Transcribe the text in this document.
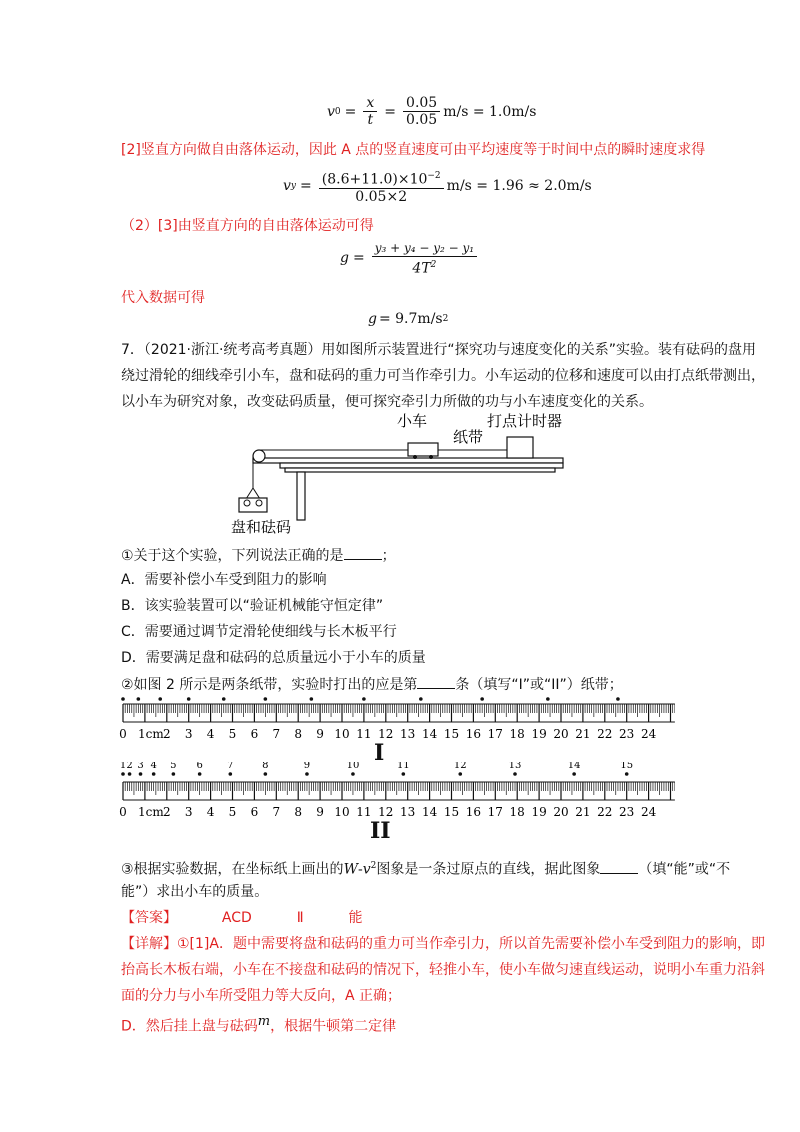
v $0 = \frac{x}{t} = \frac{0.05}{0.05} m/s = 1.0m/s$
[2]竖直方向做自由落体运动，因此 A 点的竖直速度可由平均速度等于时间中点的瞬时速度求得
v $y = \frac{(8.6+11.0)\times 10^{-2}}{0.05\times 2} m/s = 1.96 \approx 2.0m/s$
（2）[3]由竖直方向的自由落体运动可得
$g = \frac{\text{y₃ + y₄ − y₂ − y₁}}{4T^2}$
代入数据可得
g = 9.7m/s 2
7．（2021·浙江·统考高考真题）用如图所示装置进行“探究功与速度变化的关系”实验。装有砝码的盘用
绕过滑轮的细线牵引小车，盘和砝码的重力可当作牵引力。小车运动的位移和速度可以由打点纸带测出，
以小车为研究对象，改变砝码质量，便可探究牵引力所做的功与小车速度变化的关系。
小车
纸带
打点计时器
盘和砝码
①关于这个实验，下列说法正确的是	；
A．需要补偿小车受到阻力的影响
B．该实验装置可以“验证机械能守恒定律”
C．需要通过调节定滑轮使细线与长木板平行
D．需要满足盘和砝码的总质量远小于小车的质量
②如图 2 所示是两条纸带，实验时打出的应是第	条（填写“I”或“II”）纸带；
0 1cm 2 3 4 5 6 7 8 9 10 11 12 13 14 15 16 17 18 19 20 21 22 23 24
I
0 1cm 2 3 4 5 6 7 8 9 10 11 12 13 14 15 16 17 18 19 20 21 22 23 24
1 2 3 4 5 6 7	8	9	10	11	12	13	14	15
II
③根据实验数据，在坐标纸上画出的$W-v^2$图象是一条过原点的直线，据此图象	（填“能”或“不
能”）求出小车的质量。
【答案】	ACD	Ⅱ	能
【详解】①[1]A．题中需要将盘和砝码的重力可当作牵引力，所以首先需要补偿小车受到阻力的影响，即
抬高长木板右端，小车在不接盘和砝码的情况下，轻推小车，使小车做匀速直线运动，说明小车重力沿斜
面的分力与小车所受阻力等大反向，A 正确；
D．然后挂上盘与砝码m，根据牛顿第二定律
